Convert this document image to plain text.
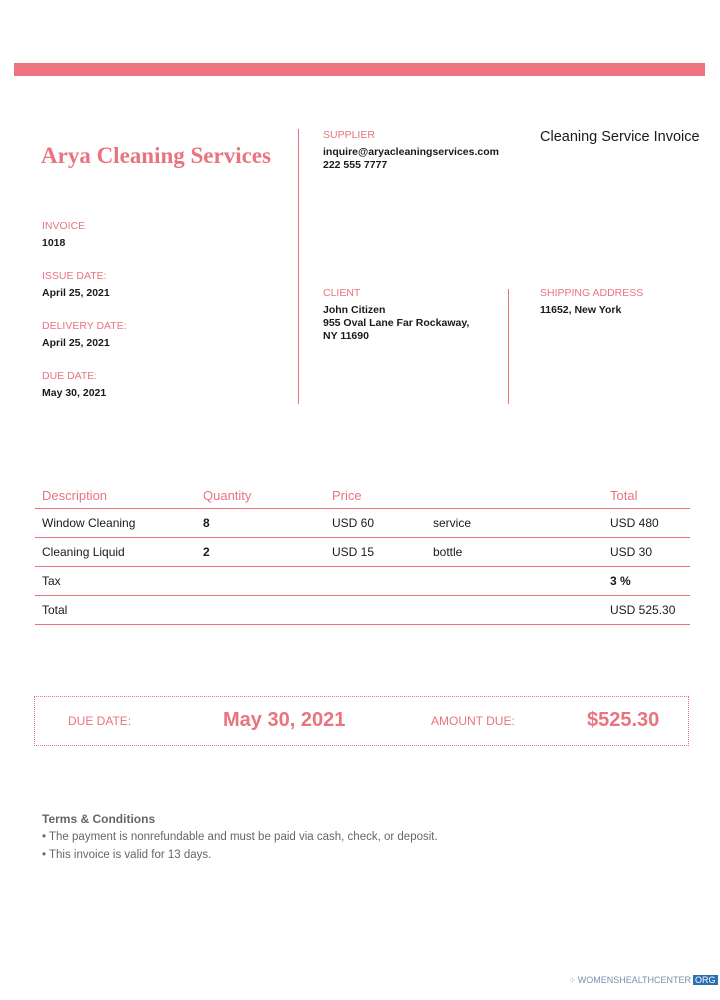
Arya Cleaning Services
SUPPLIER
inquire@aryacleaningservices.com
222 555 7777
Cleaning Service Invoice
INVOICE
1018
ISSUE DATE:
April 25, 2021
DELIVERY DATE:
April 25, 2021
DUE DATE:
May 30, 2021
CLIENT
John Citizen
955 Oval Lane Far Rockaway,
NY 11690
SHIPPING ADDRESS
11652, New York
Description	Quantity	Price		Total
Window Cleaning	8	USD 60	service	USD 480
Cleaning Liquid	2	USD 15	bottle	USD 30
Tax				3 %
Total				USD 525.30
DUE DATE:	May 30, 2021	AMOUNT DUE:	$525.30
Terms & Conditions
• The payment is nonrefundable and must be paid via cash, check, or deposit.
• This invoice is valid for 13 days.
⁘ WOMENSHEALTHCENTER ORG
